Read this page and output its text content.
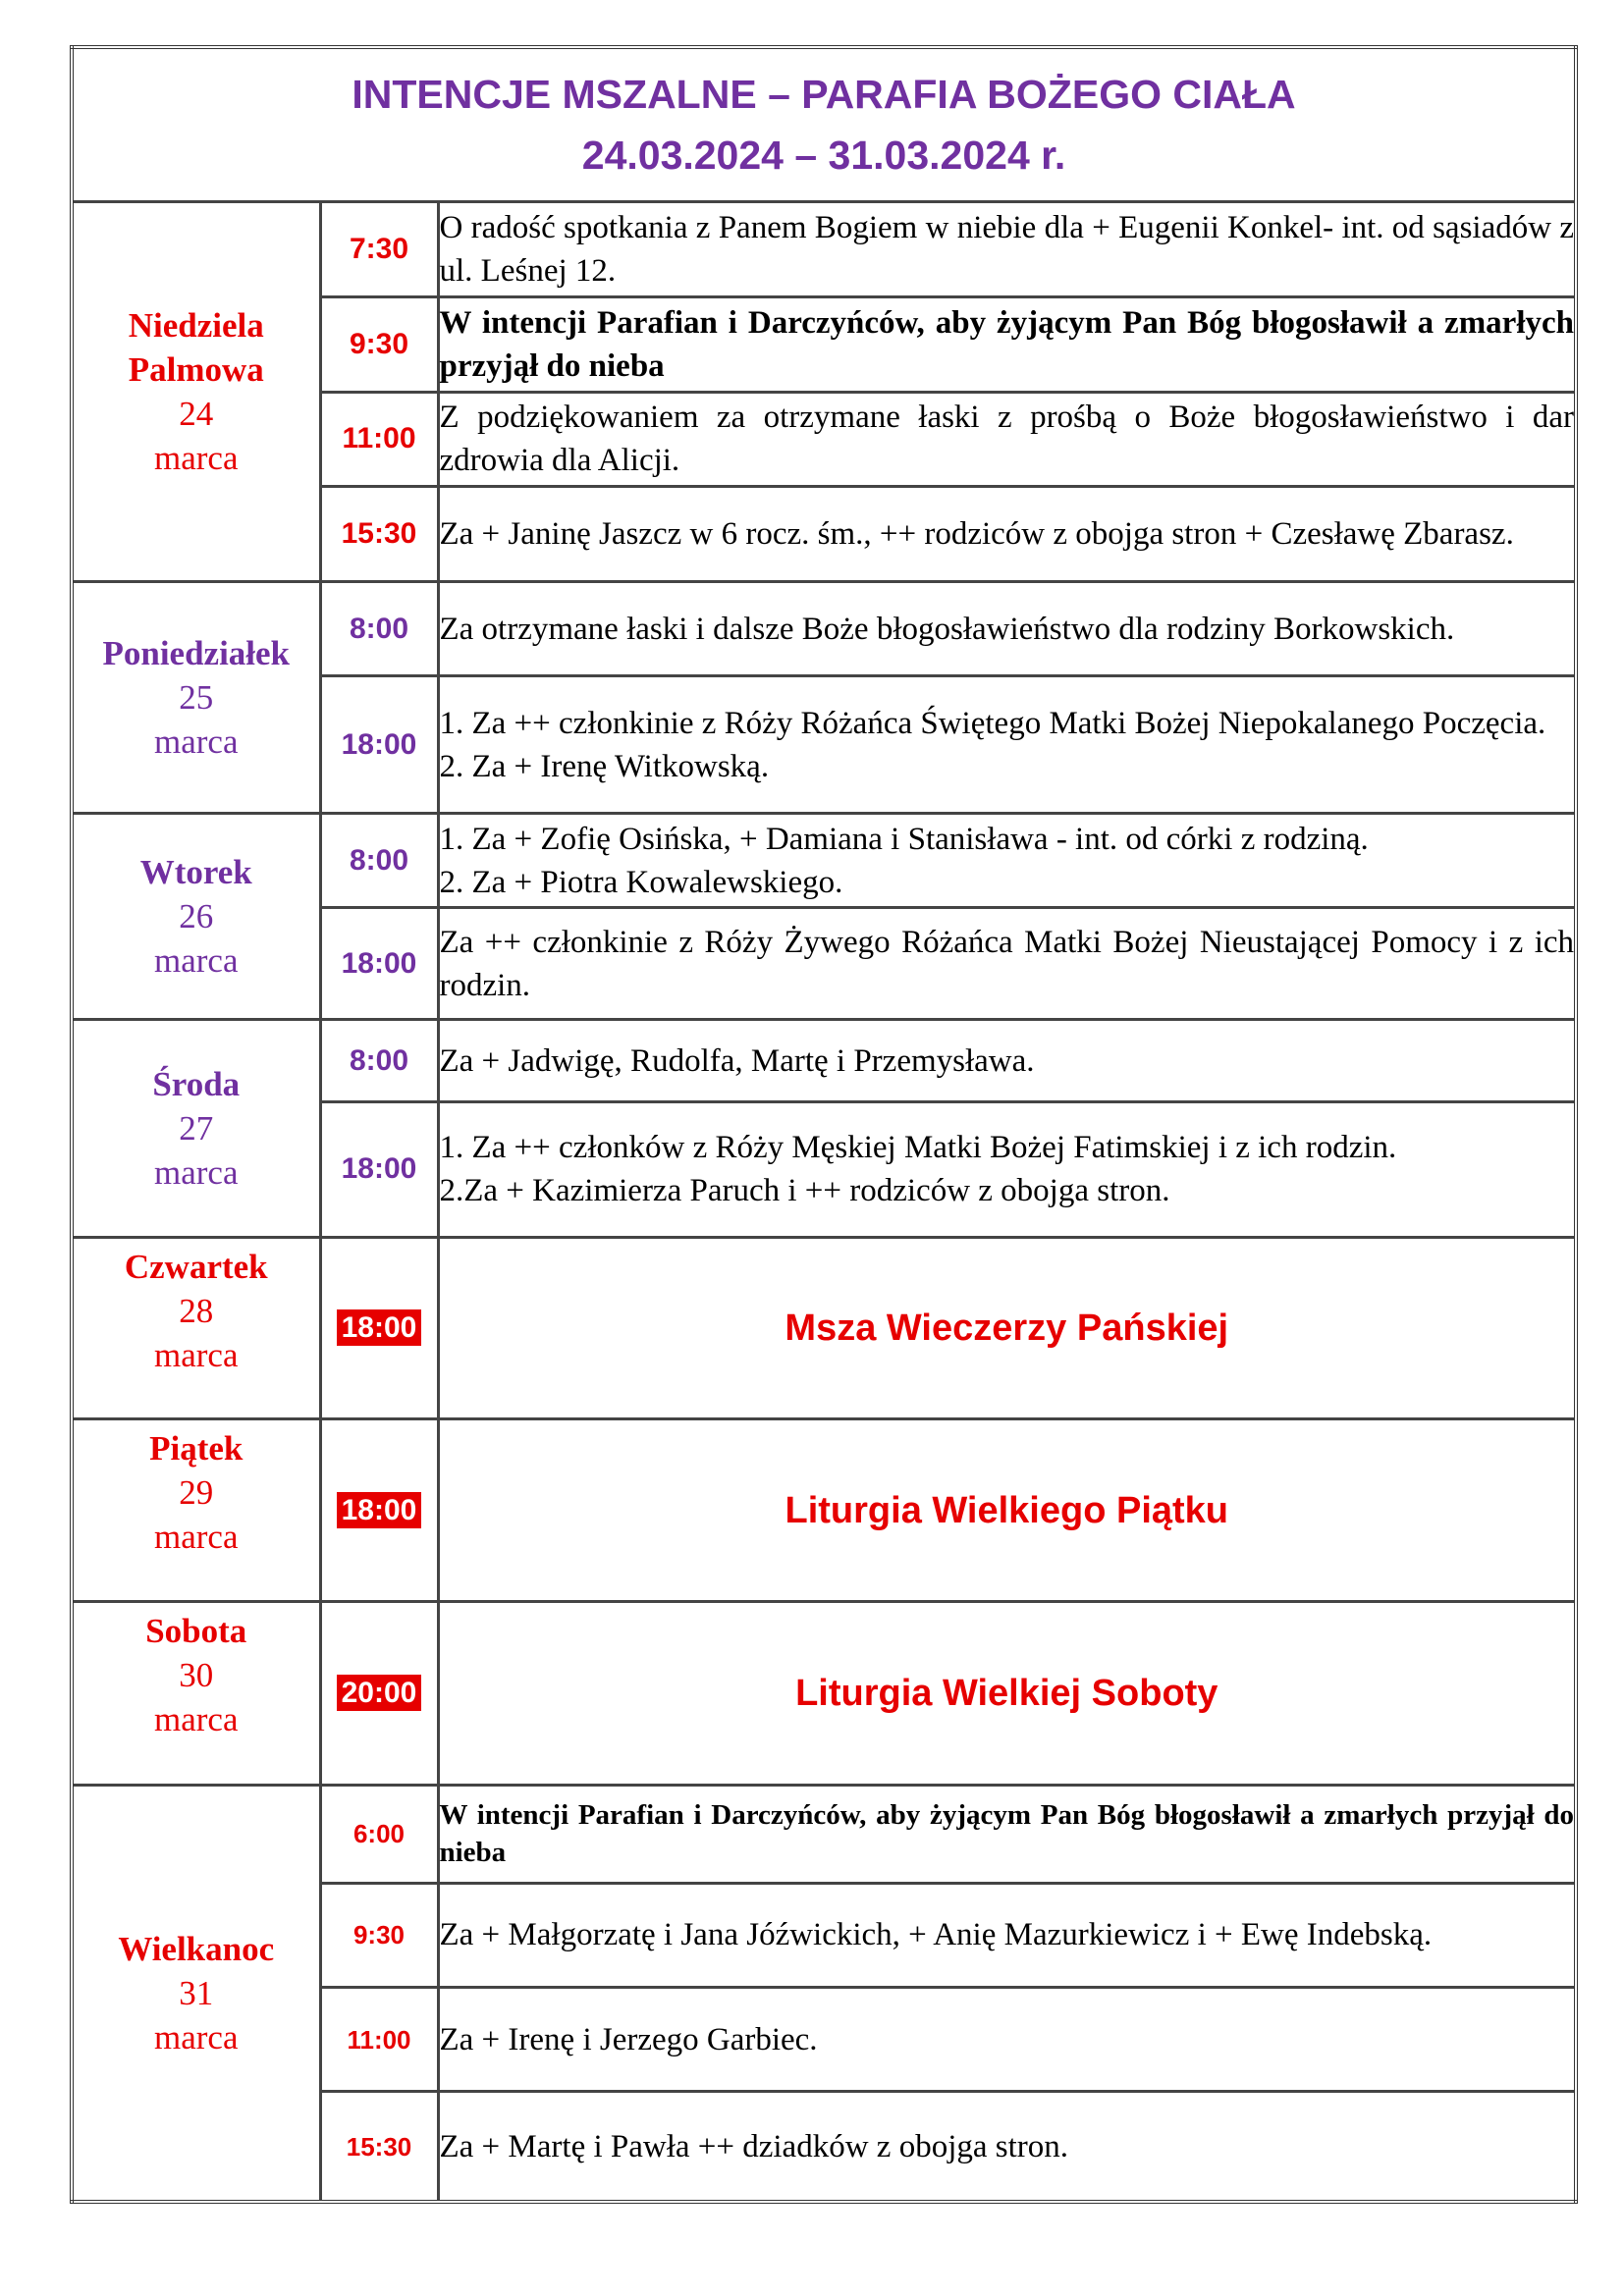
INTENCJE MSZALNE – PARAFIA BOŻEGO CIAŁA
24.03.2024 – 31.03.2024 r.		

Niedziela Palmowa
24
marca	7:30	O radość spotkania z Panem Bogiem w niebie dla + Eugenii Konkel- int. od sąsiadów z ul. Leśnej 12.
	9:30	W intencji Parafian i Darczyńców, aby żyjącym Pan Bóg błogosławił a zmarłych przyjął do nieba
	11:00	Z podziękowaniem za otrzymane łaski z prośbą o Boże błogosławieństwo i dar zdrowia dla Alicji.
	15:30	Za + Janinę Jaszcz w 6 rocz. śm., ++ rodziców z obojga stron + Czesławę Zbarasz.

Poniedziałek
25
marca	8:00	Za otrzymane łaski i dalsze Boże błogosławieństwo dla rodziny Borkowskich.
	18:00	1. Za ++ członkinie z Róży Różańca Świętego Matki Bożej Niepokalanego Poczęcia.
2. Za + Irenę Witkowską.

Wtorek
26
marca	8:00	1. Za + Zofię Osińska, + Damiana i Stanisława - int. od córki z rodziną.
2. Za + Piotra Kowalewskiego.

	18:00	Za ++ członkinie z Róży Żywego Różańca Matki Bożej Nieustającej Pomocy i z ich rodzin.

Środa
27
marca	8:00	Za + Jadwigę, Rudolfa, Martę i Przemysława.
	18:00	1. Za ++ członków z Róży Męskiej Matki Bożej Fatimskiej i z ich rodzin.
2.Za + Kazimierza Paruch i ++ rodziców z obojga stron.

Czwartek
28
marca	18:00	Msza Wieczerzy Pańskiej

Piątek
29
marca	18:00	Liturgia Wielkiego Piątku

Sobota
30
marca	20:00	Liturgia Wielkiej Soboty

Wielkanoc
31
marca	6:00	W intencji Parafian i Darczyńców, aby żyjącym Pan Bóg błogosławił a zmarłych przyjął do nieba
	9:30	Za + Małgorzatę i Jana Jóźwickich, + Anię Mazurkiewicz i + Ewę Indebską.
	11:00	Za + Irenę i Jerzego Garbiec.
	15:30	Za + Martę i Pawła ++ dziadków z obojga stron.
